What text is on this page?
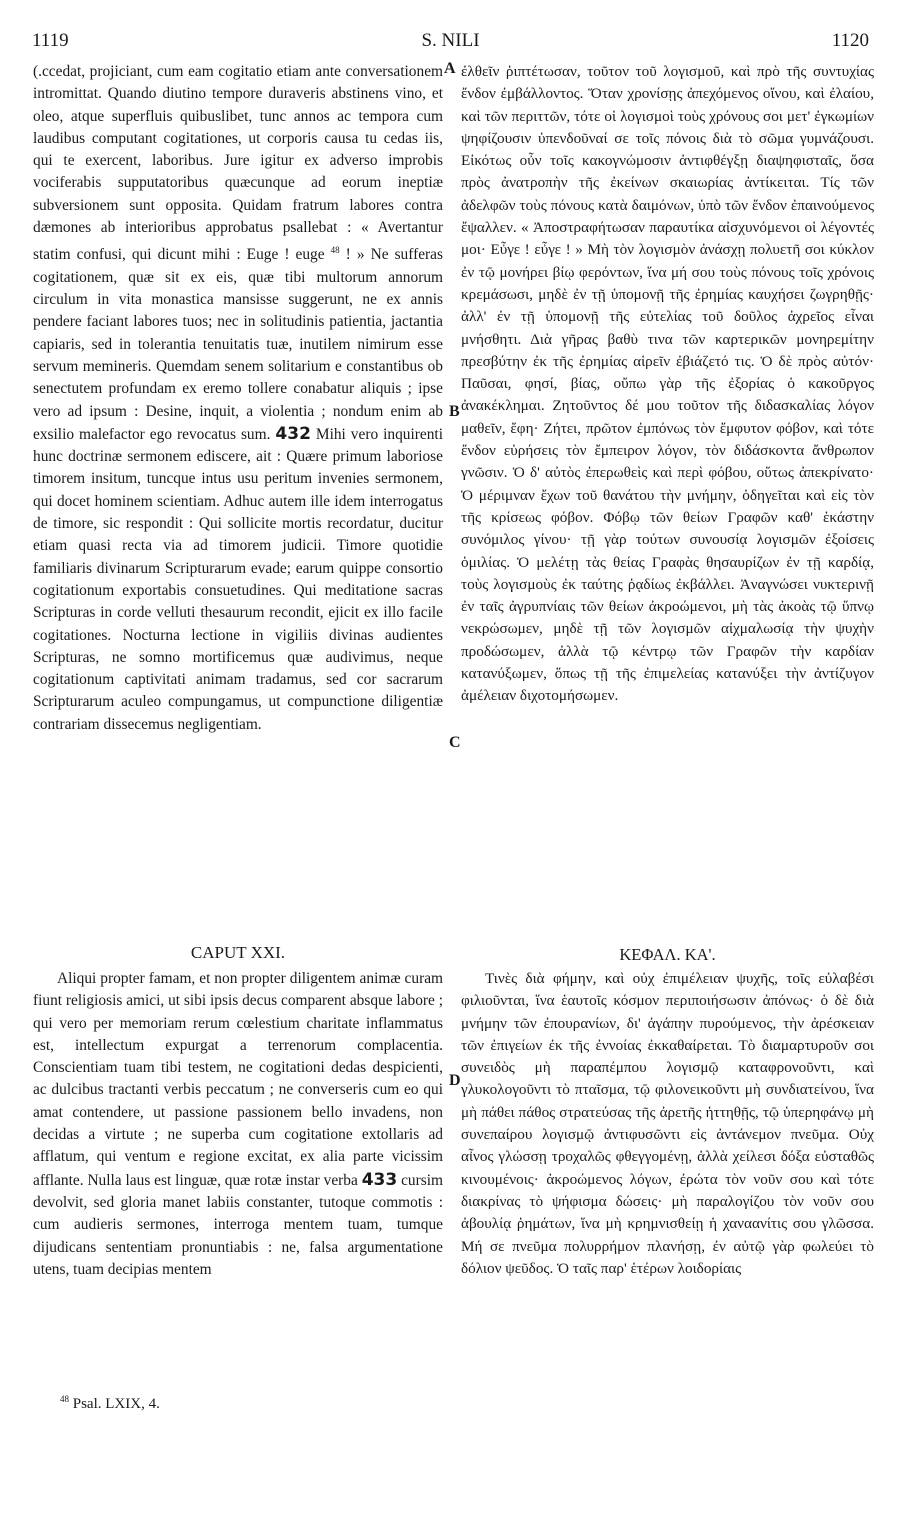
1119	S. NILI	1120
A
B
C
D

(.ccedat, projiciant, cum eam cogitatio etiam ante conversationem intromittat. Quando diutino tempore duraveris abstinens vino, et oleo, atque superfluis quibuslibet, tunc annos ac tempora cum laudibus computant cogitationes, ut corporis causa tu cedas iis, qui te exercent, laboribus. Jure igitur ex adverso improbis vociferabis supputatoribus quæcunque ad eorum ineptiæ subversionem sunt opposita. Quidam fratrum labores contra dæmones ab interioribus approbatus psallebat : « Avertantur statim confusi, qui dicunt mihi : Euge ! euge $^{48}$ ! » Ne sufferas cogitationem, quæ sit ex eis, quæ tibi multorum annorum circulum in vita monastica mansisse suggerunt, ne ex annis pendere faciant labores tuos; nec in solitudinis patientia, jactantia capiaris, sed in tolerantia tenuitatis tuæ, inutilem nimirum esse servum memineris. Quemdam senem solitarium e constantibus ob senectutem profundam ex eremo tollere conabatur aliquis ; ipse vero ad ipsum : Desine, inquit, a violentia ; nondum enim ab exsilio malefactor ego revocatus sum. 432 Mihi vero inquirenti hunc doctrinæ sermonem ediscere, ait : Quære primum laboriose timorem insitum, tuncque intus usu peritum invenies sermonem, qui docet hominem scientiam. Adhuc autem ille idem interrogatus de timore, sic respondit : Qui sollicite mortis recordatur, ducitur etiam quasi recta via ad timorem judicii. Timore quotidie familiaris divinarum Scripturarum evade; earum quippe consortio cogitationum exportabis consuetudines. Qui meditatione sacras Scripturas in corde velluti thesaurum recondit, ejicit ex illo facile cogitationes. Nocturna lectione in vigiliis divinas audientes Scripturas, ne somno mortificemus quæ audivimus, neque cogitationum captivitati animam tradamus, sed cor sacrarum Scripturarum aculeo compungamus, ut compunctione diligentiæ contrariam dissecemus negligentiam.

ἐλθεῖν ῥιπτέτωσαν, τοῦτον τοῦ λογισμοῦ, καὶ πρὸ τῆς συντυχίας ἔνδον ἐμβάλλοντος. Ὅταν χρονίσῃς ἀπεχόμενος οἴνου, καὶ ἐλαίου, καὶ τῶν περιττῶν, τότε οἱ λογισμοὶ τοὺς χρόνους σοι μετ' ἐγκωμίων ψηφίζουσιν ὑπενδοῦναί σε τοῖς πόνοις διὰ τὸ σῶμα γυμνάζουσι. Εἰκότως οὖν τοῖς κακογνώμοσιν ἀντιφθέγξῃ διαψηφισταῖς, ὅσα πρὸς ἀνατροπὴν τῆς ἐκείνων σκαιωρίας ἀντίκειται. Τίς τῶν ἀδελφῶν τοὺς πόνους κατὰ δαιμόνων, ὑπὸ τῶν ἔνδον ἐπαινούμενος ἔψαλλεν. « Ἀποστραφήτωσαν παραυτίκα αἰσχυνόμενοι οἱ λέγοντές μοι· Εὖγε ! εὖγε ! » Μὴ τὸν λογισμὸν ἀνάσχῃ πολυετῆ σοι κύκλον ἐν τῷ μονήρει βίῳ φερόντων, ἵνα μή σου τοὺς πόνους τοῖς χρόνοις κρεμάσωσι, μηδὲ ἐν τῇ ὑπομονῇ τῆς ἐρημίας καυχήσει ζωγρηθῇς· ἀλλ' ἐν τῇ ὑπομονῇ τῆς εὐτελίας τοῦ δοῦλος ἀχρεῖος εἶναι μνήσθητι. Διὰ γῆρας βαθὺ τινα τῶν καρτερικῶν μονηρεμίτην πρεσβύτην ἐκ τῆς ἐρημίας αἱρεῖν ἐβιάζετό τις. Ὁ δὲ πρὸς αὐτόν· Παῦσαι, φησί, βίας, οὔπω γὰρ τῆς ἐξορίας ὁ κακοῦργος ἀνακέκλημαι. Ζητοῦντος δέ μου τοῦτον τῆς διδασκαλίας λόγον μαθεῖν, ἔφη· Ζήτει, πρῶτον ἐμπόνως τὸν ἔμφυτον φόβον, καὶ τότε ἔνδον εὑρήσεις τὸν ἔμπειρον λόγον, τὸν διδάσκοντα ἄνθρωπον γνῶσιν. Ὁ δ' αὐτὸς ἐπερωθεὶς καὶ περὶ φόβου, οὕτως ἀπεκρίνατο· Ὁ μέριμναν ἔχων τοῦ θανάτου τὴν μνήμην, ὁδηγεῖται καὶ εἰς τὸν τῆς κρίσεως φόβον. Φόβῳ τῶν θείων Γραφῶν καθ' ἑκάστην συνόμιλος γίνου· τῇ γὰρ τούτων συνουσίᾳ λογισμῶν ἐξοίσεις ὁμιλίας. Ὁ μελέτῃ τὰς θείας Γραφὰς θησαυρίζων ἐν τῇ καρδίᾳ, τοὺς λογισμοὺς ἐκ ταύτης ῥᾳδίως ἐκβάλλει. Ἀναγνώσει νυκτερινῇ ἐν ταῖς ἀγρυπνίαις τῶν θείων ἀκροώμενοι, μὴ τὰς ἀκοὰς τῷ ὕπνῳ νεκρώσωμεν, μηδὲ τῇ τῶν λογισμῶν αἰχμαλωσίᾳ τὴν ψυχὴν προδώσωμεν, ἀλλὰ τῷ κέντρῳ τῶν Γραφῶν τὴν καρδίαν κατανύξωμεν, ὅπως τῇ τῆς ἐπιμελείας κατανύξει τὴν ἀντίζυγον ἀμέλειαν διχοτομήσωμεν.

CAPUT XXI.	ΚΕΦΑΛ. ΚΑ'.

Aliqui propter famam, et non propter diligentem animæ curam fiunt religiosis amici, ut sibi ipsis decus comparent absque labore ; qui vero per memoriam rerum cœlestium charitate inflammatus est, intellectum expurgat a terrenorum complacentia. Conscientiam tuam tibi testem, ne cogitationi dedas despicienti, ac dulcibus tractanti verbis peccatum ; ne converseris cum eo qui amat contendere, ut passione passionem bello invadens, non decidas a virtute ; ne superba cum cogitatione extollaris ad afflatum, qui ventum e regione excitat, ex alia parte vicissim afflante. Nulla laus est linguæ, quæ rotæ instar verba 433 cursim devolvit, sed gloria manet labiis constanter, tutoque commotis : cum audieris sermones, interroga mentem tuam, tumque dijudicans sententiam pronuntiabis : ne, falsa argumentatione utens, tuam decipias mentem

Τινὲς διὰ φήμην, καὶ οὐχ ἐπιμέλειαν ψυχῆς, τοῖς εὐλαβέσι φιλιοῦνται, ἵνα ἑαυτοῖς κόσμον περιποιήσωσιν ἀπόνως· ὁ δὲ διὰ μνήμην τῶν ἐπουρανίων, δι' ἀγάπην πυρούμενος, τὴν ἀρέσκειαν τῶν ἐπιγείων ἐκ τῆς ἐννοίας ἐκκαθαίρεται. Τὸ διαμαρτυροῦν σοι συνειδὸς μὴ παραπέμπου λογισμῷ καταφρονοῦντι, καὶ γλυκολογοῦντι τὸ πταῖσμα, τῷ φιλονεικοῦντι μὴ συνδιατείνου, ἵνα μὴ πάθει πάθος στρατεύσας τῆς ἀρετῆς ἡττηθῇς, τῷ ὑπερηφάνῳ μὴ συνεπαίρου λογισμῷ ἀντιφυσῶντι εἰς ἀντάνεμον πνεῦμα. Οὐχ αἶνος γλώσσῃ τροχαλῶς φθεγγομένῃ, ἀλλὰ χείλεσι δόξα εὐσταθῶς κινουμένοις· ἀκροώμενος λόγων, ἐρώτα τὸν νοῦν σου καὶ τότε διακρίνας τὸ ψήφισμα δώσεις· μὴ παραλογίζου τὸν νοῦν σου ἀβουλίᾳ ῥημάτων, ἵνα μὴ κρημνισθείῃ ἡ χαναανίτις σου γλῶσσα. Μή σε πνεῦμα πολυρρήμον πλανήσῃ, ἐν αὐτῷ γὰρ φωλεύει τὸ δόλιον ψεῦδος. Ὁ ταῖς παρ' ἑτέρων λοιδορίαις

$^{48}$ Psal. LXIX, 4.
